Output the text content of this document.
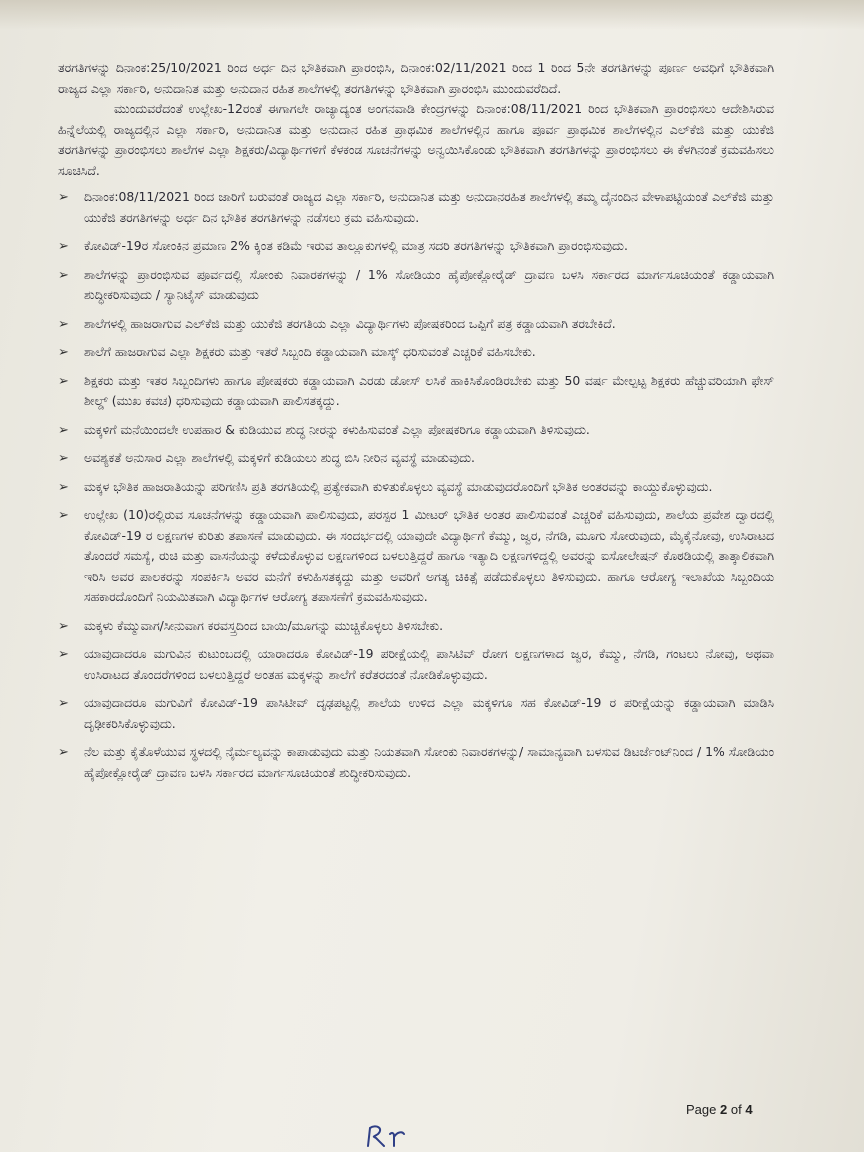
ತರಗತಿಗಳನ್ನು ದಿನಾಂಕ:25/10/2021 ರಿಂದ ಅರ್ಧ ದಿನ ಭೌತಿಕವಾಗಿ ಪ್ರಾರಂಭಿಸಿ, ದಿನಾಂಕ:02/11/2021 ರಿಂದ 1 ರಿಂದ 5ನೇ ತರಗತಿಗಳನ್ನು ಪೂರ್ಣ ಅವಧಿಗೆ ಭೌತಿಕವಾಗಿ ರಾಜ್ಯದ ಎಲ್ಲಾ ಸರ್ಕಾರಿ, ಅನುದಾನಿತ ಮತ್ತು ಅನುದಾನ ರಹಿತ ಶಾಲೆಗಳಲ್ಲಿ ತರಗತಿಗಳನ್ನು ಭೌತಿಕವಾಗಿ ಪ್ರಾರಂಭಿಸಿ ಮುಂದುವರೆದಿದೆ.

ಮುಂದುವರೆದಂತೆ ಉಲ್ಲೇಖ-12ರಂತೆ ಈಗಾಗಲೇ ರಾಜ್ಯಾದ್ಯಂತ ಅಂಗನವಾಡಿ ಕೇಂದ್ರಗಳನ್ನು ದಿನಾಂಕ:08/11/2021 ರಿಂದ ಭೌತಿಕವಾಗಿ ಪ್ರಾರಂಭಿಸಲು ಆದೇಶಿಸಿರುವ ಹಿನ್ನೆಲೆಯಲ್ಲಿ ರಾಜ್ಯದಲ್ಲಿನ ಎಲ್ಲಾ ಸರ್ಕಾರಿ, ಅನುದಾನಿತ ಮತ್ತು ಅನುದಾನ ರಹಿತ ಪ್ರಾಥಮಿಕ ಶಾಲೆಗಳಲ್ಲಿನ ಹಾಗೂ ಪೂರ್ವ ಪ್ರಾಥಮಿಕ ಶಾಲೆಗಳಲ್ಲಿನ ಎಲ್‌ಕೆಜಿ ಮತ್ತು ಯುಕೆಜಿ ತರಗತಿಗಳನ್ನು ಪ್ರಾರಂಭಿಸಲು ಶಾಲೆಗಳ ಎಲ್ಲಾ ಶಿಕ್ಷಕರು/ವಿದ್ಯಾರ್ಥಿಗಳಿಗೆ ಕೆಳಕಂಡ ಸೂಚನೆಗಳನ್ನು ಅನ್ವಯಿಸಿಕೊಂಡು ಭೌತಿಕವಾಗಿ ತರಗತಿಗಳನ್ನು ಪ್ರಾರಂಭಿಸಲು ಈ ಕೆಳಗಿನಂತೆ ಕ್ರಮವಹಿಸಲು ಸೂಚಿಸಿದೆ.

➢ ದಿನಾಂಕ:08/11/2021 ರಿಂದ ಜಾರಿಗೆ ಬರುವಂತೆ ರಾಜ್ಯದ ಎಲ್ಲಾ ಸರ್ಕಾರಿ, ಅನುದಾನಿತ ಮತ್ತು ಅನುದಾನರಹಿತ ಶಾಲೆಗಳಲ್ಲಿ ತಮ್ಮ ದೈನಂದಿನ ವೇಳಾಪಟ್ಟಿಯಂತೆ ಎಲ್‌ಕೆಜಿ ಮತ್ತು ಯುಕೆಜಿ ತರಗತಿಗಳನ್ನು ಅರ್ಧ ದಿನ ಭೌತಿಕ ತರಗತಿಗಳನ್ನು ನಡೆಸಲು ಕ್ರಮ ವಹಿಸುವುದು.
➢ ಕೋವಿಡ್-19ರ ಸೋಂಕಿನ ಪ್ರಮಾಣ 2% ಕ್ಕಿಂತ ಕಡಿಮೆ ಇರುವ ತಾಲ್ಲೂಕುಗಳಲ್ಲಿ ಮಾತ್ರ ಸದರಿ ತರಗತಿಗಳನ್ನು ಭೌತಿಕವಾಗಿ ಪ್ರಾರಂಭಿಸುವುದು.
➢ ಶಾಲೆಗಳನ್ನು ಪ್ರಾರಂಭಿಸುವ ಪೂರ್ವದಲ್ಲಿ ಸೋಂಕು ನಿವಾರಕಗಳನ್ನು / 1% ಸೋಡಿಯಂ ಹೈಪೋಕ್ಲೋರೈಡ್ ದ್ರಾವಣ ಬಳಸಿ ಸರ್ಕಾರದ ಮಾರ್ಗಸೂಚಿಯಂತೆ ಕಡ್ಡಾಯವಾಗಿ ಶುದ್ಧೀಕರಿಸುವುದು / ಸ್ಯಾನಿಟೈಸ್ ಮಾಡುವುದು
➢ ಶಾಲೆಗಳಲ್ಲಿ ಹಾಜರಾಗುವ ಎಲ್‌ಕೆಜಿ ಮತ್ತು ಯುಕೆಜಿ ತರಗತಿಯ ಎಲ್ಲಾ ವಿದ್ಯಾರ್ಥಿಗಳು ಪೋಷಕರಿಂದ ಒಪ್ಪಿಗೆ ಪತ್ರ ಕಡ್ಡಾಯವಾಗಿ ತರಬೇಕಿದೆ.
➢ ಶಾಲೆಗೆ ಹಾಜರಾಗುವ ಎಲ್ಲಾ ಶಿಕ್ಷಕರು ಮತ್ತು ಇತರೆ ಸಿಬ್ಬಂದಿ ಕಡ್ಡಾಯವಾಗಿ ಮಾಸ್ಕ್ ಧರಿಸುವಂತೆ ಎಚ್ಚರಿಕೆ ವಹಿಸಬೇಕು.
➢ ಶಿಕ್ಷಕರು ಮತ್ತು ಇತರ ಸಿಬ್ಬಂದಿಗಳು ಹಾಗೂ ಪೋಷಕರು ಕಡ್ಡಾಯವಾಗಿ ಎರಡು ಡೋಸ್ ಲಸಿಕೆ ಹಾಕಿಸಿಕೊಂಡಿರಬೇಕು ಮತ್ತು 50 ವರ್ಷ ಮೇಲ್ಪಟ್ಟ ಶಿಕ್ಷಕರು ಹೆಚ್ಚುವರಿಯಾಗಿ ಫೇಸ್ ಶೀಲ್ಡ್ (ಮುಖ ಕವಚ) ಧರಿಸುವುದು ಕಡ್ಡಾಯವಾಗಿ ಪಾಲಿಸತಕ್ಕದ್ದು.
➢ ಮಕ್ಕಳಿಗೆ ಮನೆಯಿಂದಲೇ ಉಪಹಾರ & ಕುಡಿಯುವ ಶುದ್ಧ ನೀರನ್ನು ಕಳುಹಿಸುವಂತೆ ಎಲ್ಲಾ ಪೋಷಕರಿಗೂ ಕಡ್ಡಾಯವಾಗಿ ತಿಳಿಸುವುದು.
➢ ಅವಶ್ಯಕತೆ ಅನುಸಾರ ಎಲ್ಲಾ ಶಾಲೆಗಳಲ್ಲಿ ಮಕ್ಕಳಿಗೆ ಕುಡಿಯಲು ಶುದ್ಧ ಬಿಸಿ ನೀರಿನ ವ್ಯವಸ್ಥೆ ಮಾಡುವುದು.
➢ ಮಕ್ಕಳ ಭೌತಿಕ ಹಾಜರಾತಿಯನ್ನು ಪರಿಗಣಿಸಿ ಪ್ರತಿ ತರಗತಿಯಲ್ಲಿ ಪ್ರತ್ಯೇಕವಾಗಿ ಕುಳಿತುಕೊಳ್ಳಲು ವ್ಯವಸ್ಥೆ ಮಾಡುವುದರೊಂದಿಗೆ ಭೌತಿಕ ಅಂತರವನ್ನು ಕಾಯ್ದುಕೊಳ್ಳುವುದು.
➢ ಉಲ್ಲೇಖ (10)ರಲ್ಲಿರುವ ಸೂಚನೆಗಳನ್ನು ಕಡ್ಡಾಯವಾಗಿ ಪಾಲಿಸುವುದು, ಪರಸ್ಪರ 1 ಮೀಟರ್ ಭೌತಿಕ ಅಂತರ ಪಾಲಿಸುವಂತೆ ಎಚ್ಚರಿಕೆ ವಹಿಸುವುದು, ಶಾಲೆಯ ಪ್ರವೇಶ ದ್ವಾರದಲ್ಲಿ ಕೋವಿಡ್-19 ರ ಲಕ್ಷಣಗಳ ಕುರಿತು ತಪಾಸಣೆ ಮಾಡುವುದು. ಈ ಸಂದರ್ಭದಲ್ಲಿ ಯಾವುದೇ ವಿದ್ಯಾರ್ಥಿಗೆ ಕೆಮ್ಮು, ಜ್ವರ, ನೆಗಡಿ, ಮೂಗು ಸೋರುವುದು, ಮೈಕೈನೋವು, ಉಸಿರಾಟದ ತೊಂದರೆ ಸಮಸ್ಯೆ, ರುಚಿ ಮತ್ತು ವಾಸನೆಯನ್ನು ಕಳೆದುಕೊಳ್ಳುವ ಲಕ್ಷಣಗಳಿಂದ ಬಳಲುತ್ತಿದ್ದರೆ ಹಾಗೂ ಇತ್ಯಾದಿ ಲಕ್ಷಣಗಳಿದ್ದಲ್ಲಿ ಅವರನ್ನು ಐಸೋಲೇಷನ್ ಕೊಠಡಿಯಲ್ಲಿ ತಾತ್ಕಾಲಿಕವಾಗಿ ಇರಿಸಿ ಅವರ ಪಾಲಕರನ್ನು ಸಂಪರ್ಕಿಸಿ ಅವರ ಮನೆಗೆ ಕಳುಹಿಸತಕ್ಕದ್ದು ಮತ್ತು ಅವರಿಗೆ ಅಗತ್ಯ ಚಿಕಿತ್ಸೆ ಪಡೆದುಕೊಳ್ಳಲು ತಿಳಿಸುವುದು. ಹಾಗೂ ಆರೋಗ್ಯ ಇಲಾಖೆಯ ಸಿಬ್ಬಂದಿಯ ಸಹಕಾರದೊಂದಿಗೆ ನಿಯಮಿತವಾಗಿ ವಿದ್ಯಾರ್ಥಿಗಳ ಆರೋಗ್ಯ ತಪಾಸಣೆಗೆ ಕ್ರಮವಹಿಸುವುದು.
➢ ಮಕ್ಕಳು ಕೆಮ್ಮುವಾಗ/ಸೀನುವಾಗ ಕರವಸ್ತ್ರದಿಂದ ಬಾಯಿ/ಮೂಗನ್ನು ಮುಚ್ಚಿಕೊಳ್ಳಲು ತಿಳಿಸಬೇಕು.
➢ ಯಾವುದಾದರೂ ಮಗುವಿನ ಕುಟುಂಬದಲ್ಲಿ ಯಾರಾದರೂ ಕೋವಿಡ್-19 ಪರೀಕ್ಷೆಯಲ್ಲಿ ಪಾಸಿಟಿವ್ ರೋಗ ಲಕ್ಷಣಗಳಾದ ಜ್ವರ, ಕೆಮ್ಮು, ನೆಗಡಿ, ಗಂಟಲು ನೋವು, ಅಥವಾ ಉಸಿರಾಟದ ತೊಂದರೆಗಳಿಂದ ಬಳಲುತ್ತಿದ್ದರೆ ಅಂತಹ ಮಕ್ಕಳನ್ನು ಶಾಲೆಗೆ ಕರೆತರದಂತೆ ನೋಡಿಕೊಳ್ಳುವುದು.
➢ ಯಾವುದಾದರೂ ಮಗುವಿಗೆ ಕೋವಿಡ್-19 ಪಾಸಿಟೀವ್ ದೃಢಪಟ್ಟಲ್ಲಿ ಶಾಲೆಯ ಉಳಿದ ಎಲ್ಲಾ ಮಕ್ಕಳಿಗೂ ಸಹ ಕೋವಿಡ್-19 ರ ಪರೀಕ್ಷೆಯನ್ನು ಕಡ್ಡಾಯವಾಗಿ ಮಾಡಿಸಿ ದೃಢೀಕರಿಸಿಕೊಳ್ಳುವುದು.
➢ ನೆಲ ಮತ್ತು ಕೈತೊಳೆಯುವ ಸ್ಥಳದಲ್ಲಿ ನೈರ್ಮಲ್ಯವನ್ನು ಕಾಪಾಡುವುದು ಮತ್ತು ನಿಯತವಾಗಿ ಸೋಂಕು ನಿವಾರಕಗಳನ್ನು/ ಸಾಮಾನ್ಯವಾಗಿ ಬಳಸುವ ಡಿಟರ್ಜೆಂಟ್‌ನಿಂದ / 1% ಸೋಡಿಯಂ ಹೈಪೋಕ್ಲೋರೈಡ್ ದ್ರಾವಣ ಬಳಸಿ ಸರ್ಕಾರದ ಮಾರ್ಗಸೂಚಿಯಂತೆ ಶುದ್ಧೀಕರಿಸುವುದು.
Page 2 of 4
